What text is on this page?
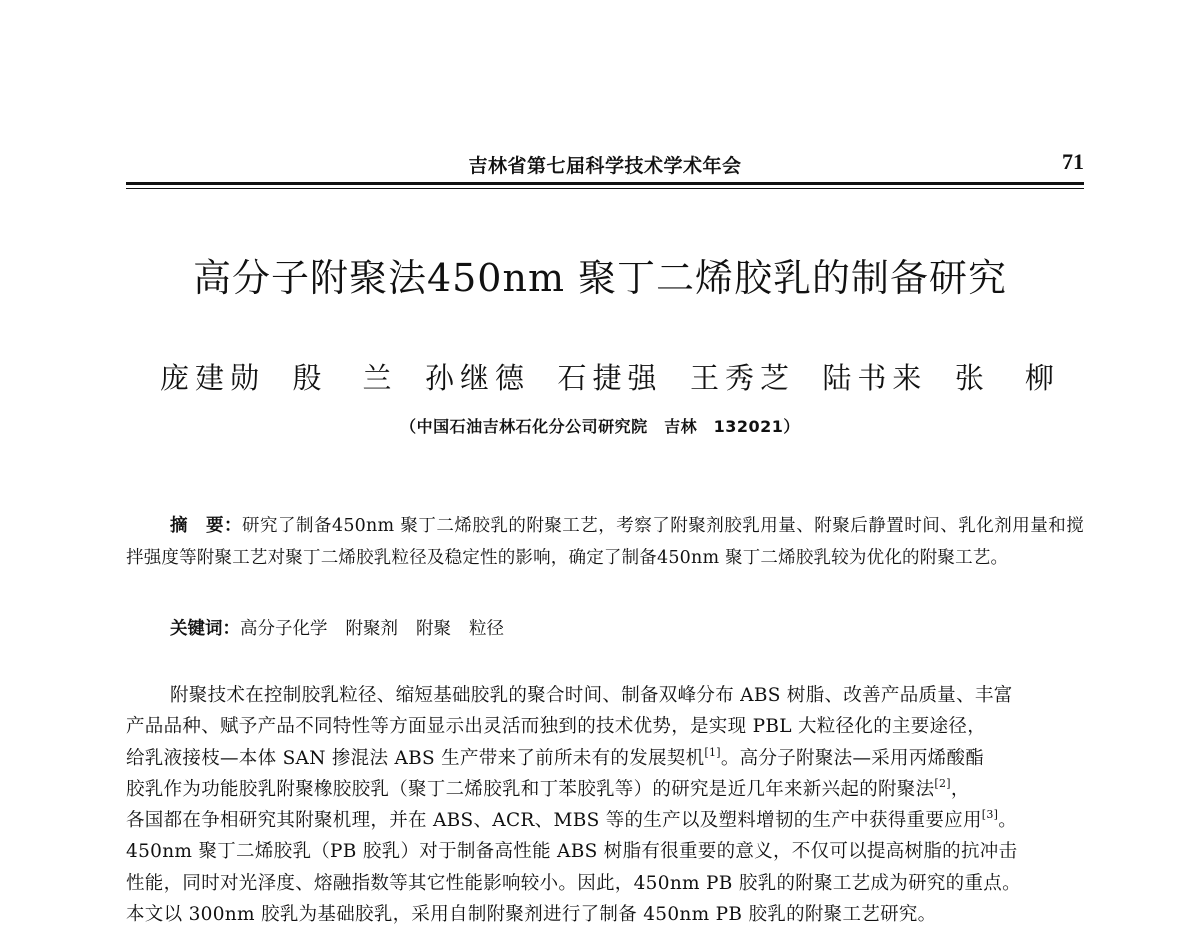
吉林省第七届科学技术学术年会	71
高分子附聚法450nm 聚丁二烯胶乳的制备研究
庞建勋 殷　兰 孙继德 石捷强 王秀芝 陆书来 张　柳
（中国石油吉林石化分公司研究院　吉林　132021）
摘　要：研究了制备450nm 聚丁二烯胶乳的附聚工艺，考察了附聚剂胶乳用量、附聚后静置时间、乳化剂用量和搅拌强度等附聚工艺对聚丁二烯胶乳粒径及稳定性的影响，确定了制备450nm 聚丁二烯胶乳较为优化的附聚工艺。
关键词：高分子化学 附聚剂 附聚 粒径
附聚技术在控制胶乳粒径、缩短基础胶乳的聚合时间、制备双峰分布 ABS 树脂、改善产品质量、丰富
产品品种、赋予产品不同特性等方面显示出灵活而独到的技术优势，是实现 PBL 大粒径化的主要途径，
给乳液接枝—本体 SAN 掺混法 ABS 生产带来了前所未有的发展契机[1]。高分子附聚法—采用丙烯酸酯
胶乳作为功能胶乳附聚橡胶胶乳（聚丁二烯胶乳和丁苯胶乳等）的研究是近几年来新兴起的附聚法[2]，
各国都在争相研究其附聚机理，并在 ABS、ACR、MBS 等的生产以及塑料增韧的生产中获得重要应用[3]。
450nm 聚丁二烯胶乳（PB 胶乳）对于制备高性能 ABS 树脂有很重要的意义，不仅可以提高树脂的抗冲击
性能，同时对光泽度、熔融指数等其它性能影响较小。因此，450nm PB 胶乳的附聚工艺成为研究的重点。
本文以 300nm 胶乳为基础胶乳，采用自制附聚剂进行了制备 450nm PB 胶乳的附聚工艺研究。
